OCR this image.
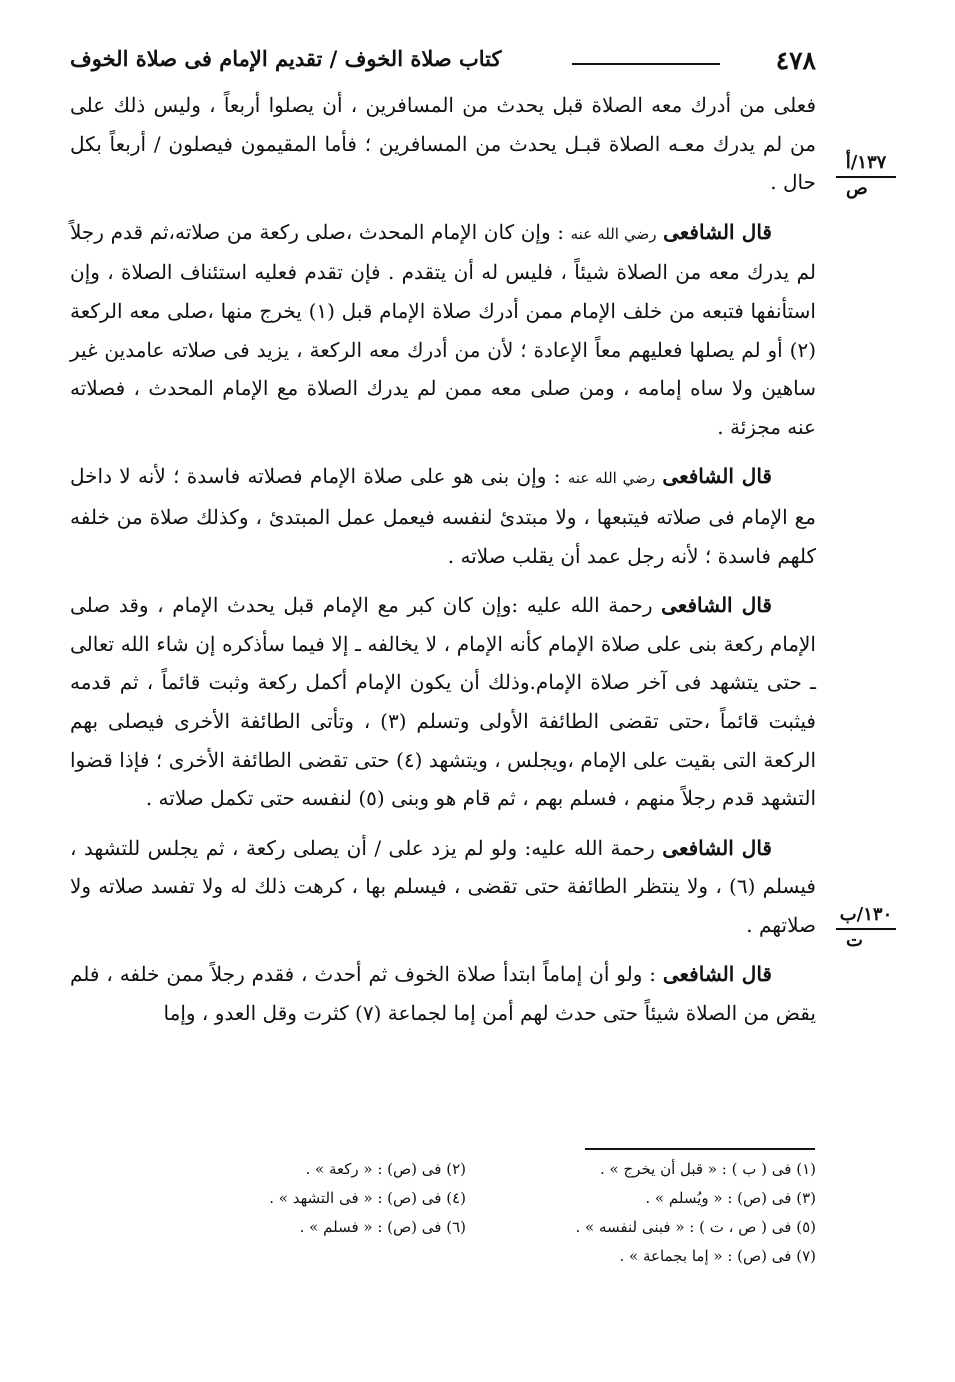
٤٧٨
كتاب صلاة الخوف / تقديم الإمام فى صلاة الخوف
١٣٧/أ
ص
١٣٠/ب
ت

فعلى من أدرك معه الصلاة قبل يحدث من المسافرين ، أن يصلوا أربعاً ، وليس ذلك على من لم يدرك معـه الصلاة قبـل يحدث من المسافرين ؛ فأما المقيمون فيصلون / أربعاً بكل حال .

قال الشافعى رضي الله عنه : وإن كان الإمام المحدث ،صلى ركعة من صلاته،ثم قدم رجلاً لم يدرك معه من الصلاة شيئاً ، فليس له أن يتقدم . فإن تقدم فعليه استئناف الصلاة ، وإن استأنفها فتبعه من خلف الإمام ممن أدرك صلاة الإمام قبل (١) يخرج منها ،صلى معه الركعة (٢) أو لم يصلها فعليهم معاً الإعادة ؛ لأن من أدرك معه الركعة ، يزيد فى صلاته عامدين غير ساهين ولا ساه إمامه ، ومن صلى معه ممن لم يدرك الصلاة مع الإمام المحدث ، فصلاته عنه مجزئة .

قال الشافعى رضي الله عنه : وإن بنى هو على صلاة الإمام فصلاته فاسدة ؛ لأنه لا داخل مع الإمام فى صلاته فيتبعها ، ولا مبتدئ لنفسه فيعمل عمل المبتدئ ، وكذلك صلاة من خلفه كلهم فاسدة ؛ لأنه رجل عمد أن يقلب صلاته .

قال الشافعى رحمة الله عليه :وإن كان كبر مع الإمام قبل يحدث الإمام ، وقد صلى الإمام ركعة بنى على صلاة الإمام كأنه الإمام ، لا يخالفه ـ إلا فيما سأذكره إن شاء الله تعالى ـ حتى يتشهد فى آخر صلاة الإمام.وذلك أن يكون الإمام أكمل ركعة وثبت قائماً ، ثم قدمه فيثبت قائماً ،حتى تقضى الطائفة الأولى وتسلم (٣) ، وتأتى الطائفة الأخرى فيصلى بهم الركعة التى بقيت على الإمام ،ويجلس ، ويتشهد (٤) حتى تقضى الطائفة الأخرى ؛ فإذا قضوا التشهد قدم رجلاً منهم ، فسلم بهم ، ثم قام هو وبنى (٥) لنفسه حتى تكمل صلاته .

قال الشافعى رحمة الله عليه: ولو لم يزد على / أن يصلى ركعة ، ثم يجلس للتشهد ، فيسلم (٦) ، ولا ينتظر الطائفة حتى تقضى ، فيسلم بها ، كرهت ذلك له ولا تفسد صلاته ولا صلاتهم .

قال الشافعى : ولو أن إماماً ابتدأ صلاة الخوف ثم أحدث ، فقدم رجلاً ممن خلفه ، فلم يقض من الصلاة شيئاً حتى حدث لهم أمن إما لجماعة (٧) كثرت وقل العدو ، وإما

(١) فى ( ب ) : « قبل أن يخرج » .
(٢) فى (ص) : « ركعة » .
(٣) فى (ص) : « ويُسلم » .
(٤) فى (ص) : « فى التشهد » .
(٥) فى ( ص ، ت ) : « فبنى لنفسه » .
(٦) فى (ص) : « فسلم » .
(٧) فى (ص) : « إما بجماعة » .
